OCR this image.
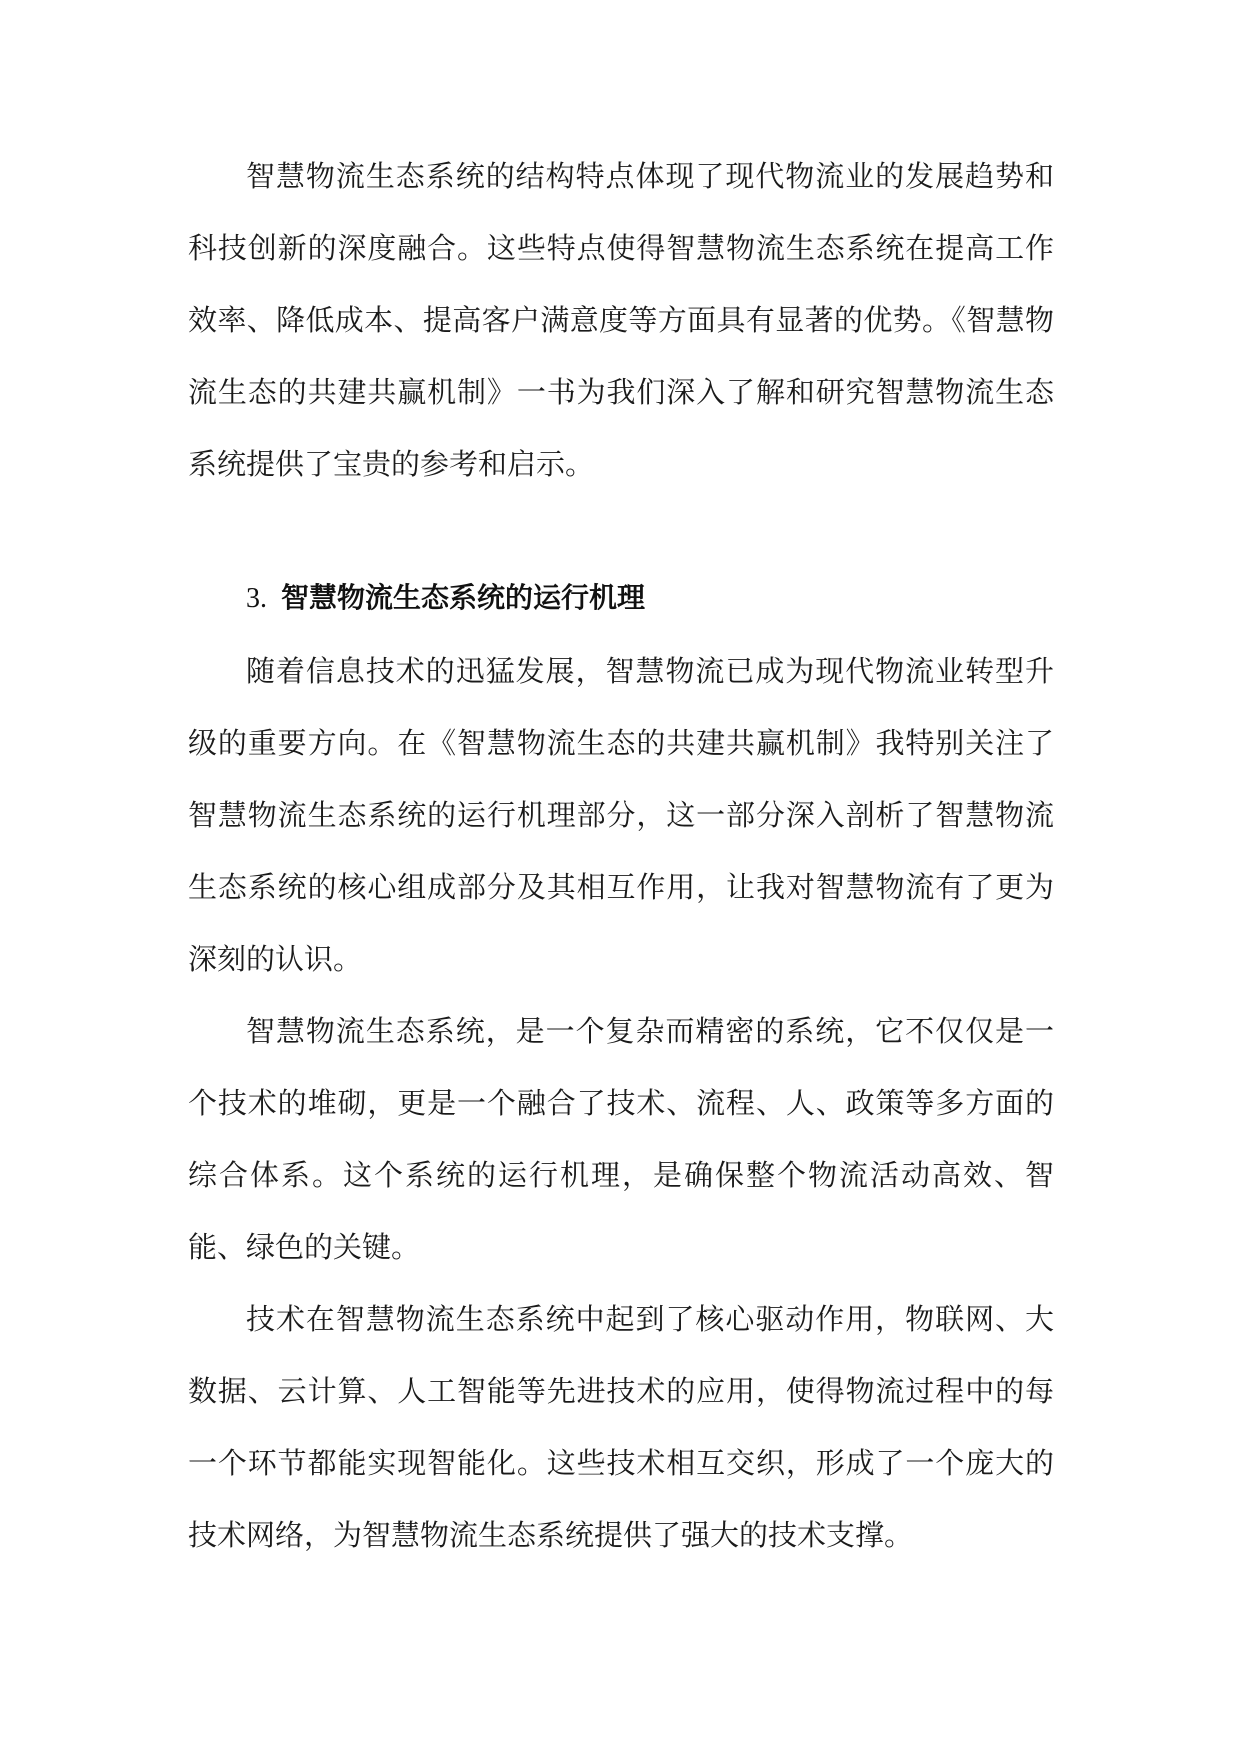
智慧物流生态系统的结构特点体现了现代物流业的发展趋势和科技创新的深度融合。这些特点使得智慧物流生态系统在提高工作效率、降低成本、提高客户满意度等方面具有显著的优势。《智慧物流生态的共建共赢机制》一书为我们深入了解和研究智慧物流生态系统提供了宝贵的参考和启示。

3. 智慧物流生态系统的运行机理

随着信息技术的迅猛发展，智慧物流已成为现代物流业转型升级的重要方向。在《智慧物流生态的共建共赢机制》我特别关注了智慧物流生态系统的运行机理部分，这一部分深入剖析了智慧物流生态系统的核心组成部分及其相互作用，让我对智慧物流有了更为深刻的认识。

智慧物流生态系统，是一个复杂而精密的系统，它不仅仅是一个技术的堆砌，更是一个融合了技术、流程、人、政策等多方面的综合体系。这个系统的运行机理，是确保整个物流活动高效、智能、绿色的关键。

技术在智慧物流生态系统中起到了核心驱动作用，物联网、大数据、云计算、人工智能等先进技术的应用，使得物流过程中的每一个环节都能实现智能化。这些技术相互交织，形成了一个庞大的技术网络，为智慧物流生态系统提供了强大的技术支撑。
